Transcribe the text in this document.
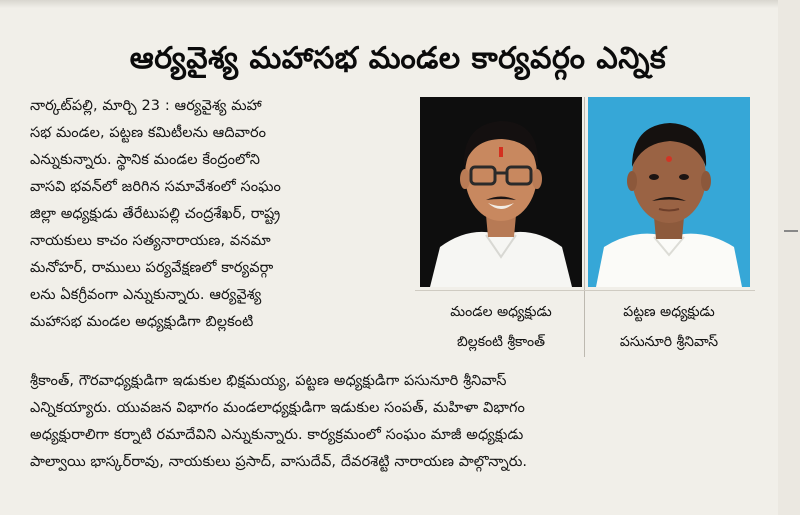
ఆర్యవైశ్య మహాసభ మండల కార్యవర్గం ఎన్నిక
నార్కట్‌పల్లి, మార్చి 23 : ఆర్యవైశ్య మహా
సభ మండల, పట్టణ కమిటీలను ఆదివారం
ఎన్నుకున్నారు. స్థానిక మండల కేంద్రంలోని
వాసవి భవన్‌లో జరిగిన సమావేశంలో సంఘం
జిల్లా అధ్యక్షుడు తేరేటుపల్లి చంద్రశేఖర్, రాష్ట్ర
నాయకులు కాచం సత్యనారాయణ, వనమా
మనోహర్, రాములు పర్యవేక్షణలో కార్యవర్గా
లను ఏకగ్రీవంగా ఎన్నుకున్నారు. ఆర్యవైశ్య
మహాసభ మండల అధ్యక్షుడిగా బిల్లకంటి
శ్రీకాంత్, గౌరవాధ్యక్షుడిగా ఇడుకుల భిక్షమయ్య, పట్టణ అధ్యక్షుడిగా పసునూరి శ్రీనివాస్
ఎన్నికయ్యారు. యువజన విభాగం మండలాధ్యక్షుడిగా ఇడుకుల సంపత్, మహిళా విభాగం
అధ్యక్షురాలిగా కర్నాటి రమాదేవిని ఎన్నుకున్నారు. కార్యక్రమంలో సంఘం మాజీ అధ్యక్షుడు
పాల్వాయి భాస్కర్‌రావు, నాయకులు ప్రసాద్, వాసుదేవ్, దేవరశెట్టి నారాయణ పాల్గొన్నారు.
మండల అధ్యక్షుడు
బిల్లకంటి శ్రీకాంత్
పట్టణ అధ్యక్షుడు
పసునూరి శ్రీనివాస్
